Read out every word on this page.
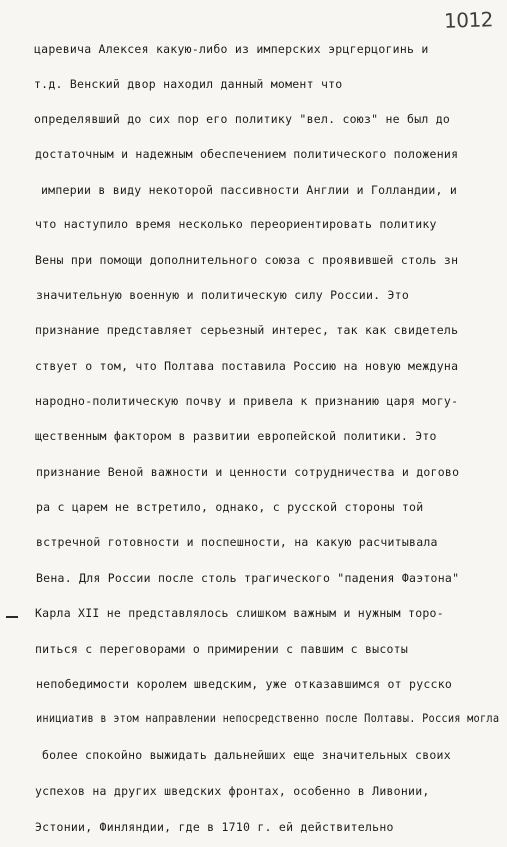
1012
царевича Алексея какую-либо из имперских эрцгерцогинь и
т.д. Венский двор находил данный момент что
определявший до сих пор его политику "вел. союз" не был до
достаточным и надежным обеспечением политического положения
империи в виду некоторой пассивности Англии и Голландии, и
что наступило время несколько переориентировать политику
Вены при помощи дополнительного союза с проявившей столь зн
значительную военную и политическую силу России. Это
признание представляет серьезный интерес, так как свидетель
ствует о том, что Полтава поставила Россию на новую междуна
народно-политическую почву и привела к признанию царя могу-
щественным фактором в развитии европейской политики. Это
признание Веной важности и ценности сотрудничества и догово
ра с царем не встретило, однако, с русской стороны той
встречной готовности и поспешности, на какую расчитывала
Вена. Для России после столь трагического "падения Фаэтона"
Карла XII не представлялось слишком важным и нужным торо-
питься с переговорами о примирении с павшим с высоты
непобедимости королем шведским, уже отказавшимся от русско
инициатив в этом направлении непосредственно после Полтавы. Россия могла
более спокойно выжидать дальнейших еще значительных своих
успехов на других шведских фронтах, особенно в Ливонии,
Эстонии, Финляндии, где в 1710 г. ей действительно
